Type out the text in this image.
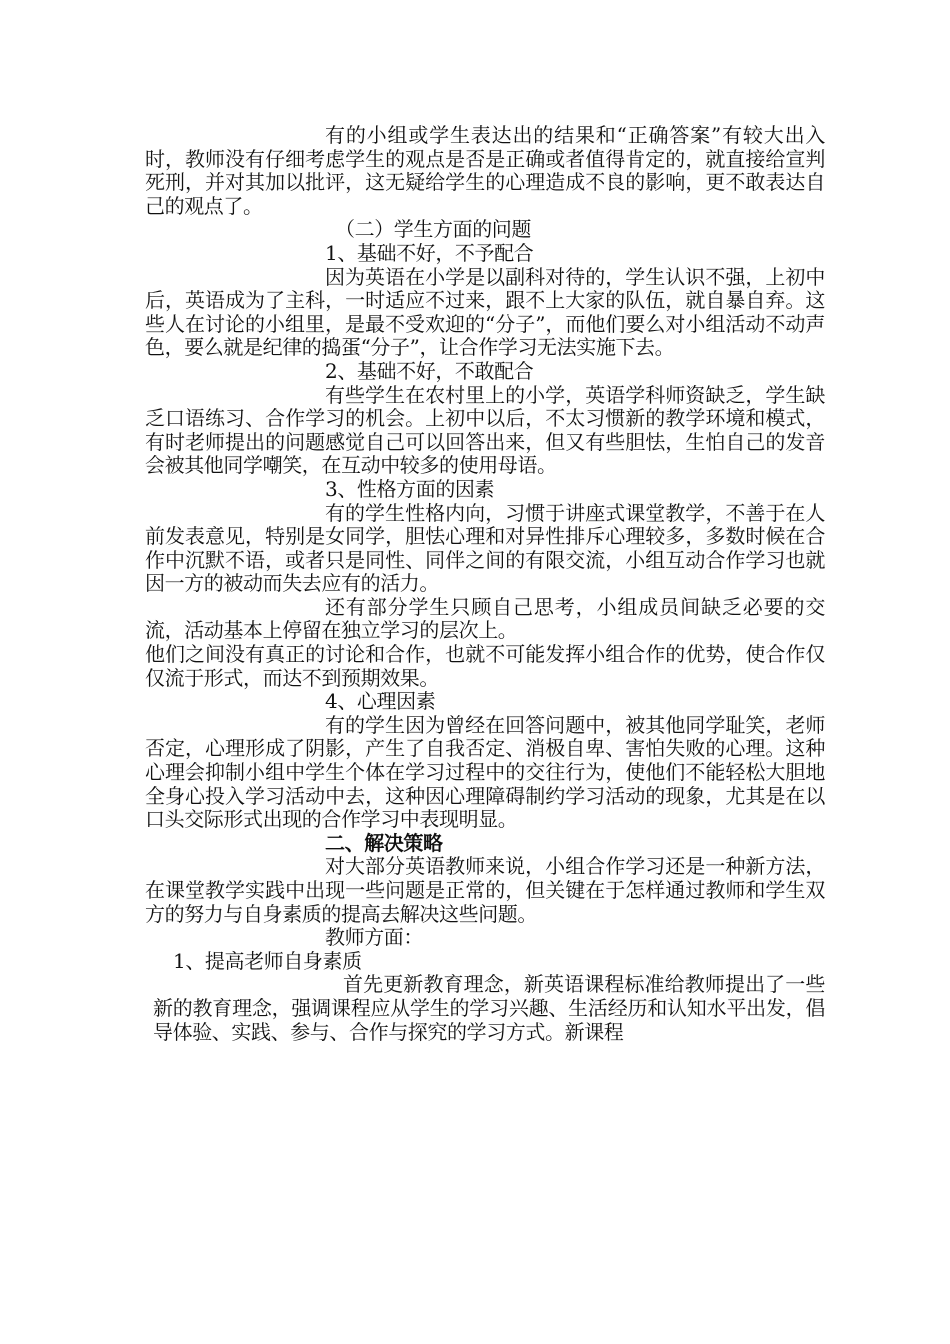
有的小组或学生表达出的结果和“正确答案”有较大出入时，教师没有仔细考虑学生的观点是否是正确或者值得肯定的，就直接给宣判死刑，并对其加以批评，这无疑给学生的心理造成不良的影响，更不敢表达自己的观点了。

（二）学生方面的问题

1、基础不好，不予配合

因为英语在小学是以副科对待的，学生认识不强，上初中后，英语成为了主科，一时适应不过来，跟不上大家的队伍，就自暴自弃。这些人在讨论的小组里，是最不受欢迎的“分子”，而他们要么对小组活动不动声色，要么就是纪律的捣蛋“分子”，让合作学习无法实施下去。

2、基础不好，不敢配合

有些学生在农村里上的小学，英语学科师资缺乏，学生缺乏口语练习、合作学习的机会。上初中以后，不太习惯新的教学环境和模式，有时老师提出的问题感觉自己可以回答出来，但又有些胆怯，生怕自己的发音会被其他同学嘲笑，在互动中较多的使用母语。

3、性格方面的因素

有的学生性格内向，习惯于讲座式课堂教学，不善于在人前发表意见，特别是女同学，胆怯心理和对异性排斥心理较多，多数时候在合作中沉默不语，或者只是同性、同伴之间的有限交流，小组互动合作学习也就因一方的被动而失去应有的活力。

还有部分学生只顾自己思考，小组成员间缺乏必要的交流，活动基本上停留在独立学习的层次上。

他们之间没有真正的讨论和合作，也就不可能发挥小组合作的优势，使合作仅仅流于形式，而达不到预期效果。

4、心理因素

有的学生因为曾经在回答问题中，被其他同学耻笑，老师否定，心理形成了阴影，产生了自我否定、消极自卑、害怕失败的心理。这种心理会抑制小组中学生个体在学习过程中的交往行为，使他们不能轻松大胆地全身心投入学习活动中去，这种因心理障碍制约学习活动的现象，尤其是在以口头交际形式出现的合作学习中表现明显。

二、解决策略

对大部分英语教师来说，小组合作学习还是一种新方法，在课堂教学实践中出现一些问题是正常的，但关键在于怎样通过教师和学生双方的努力与自身素质的提高去解决这些问题。

教师方面：

1、提高老师自身素质

首先更新教育理念，新英语课程标准给教师提出了一些新的教育理念，强调课程应从学生的学习兴趣、生活经历和认知水平出发，倡导体验、实践、参与、合作与探究的学习方式。新课程
